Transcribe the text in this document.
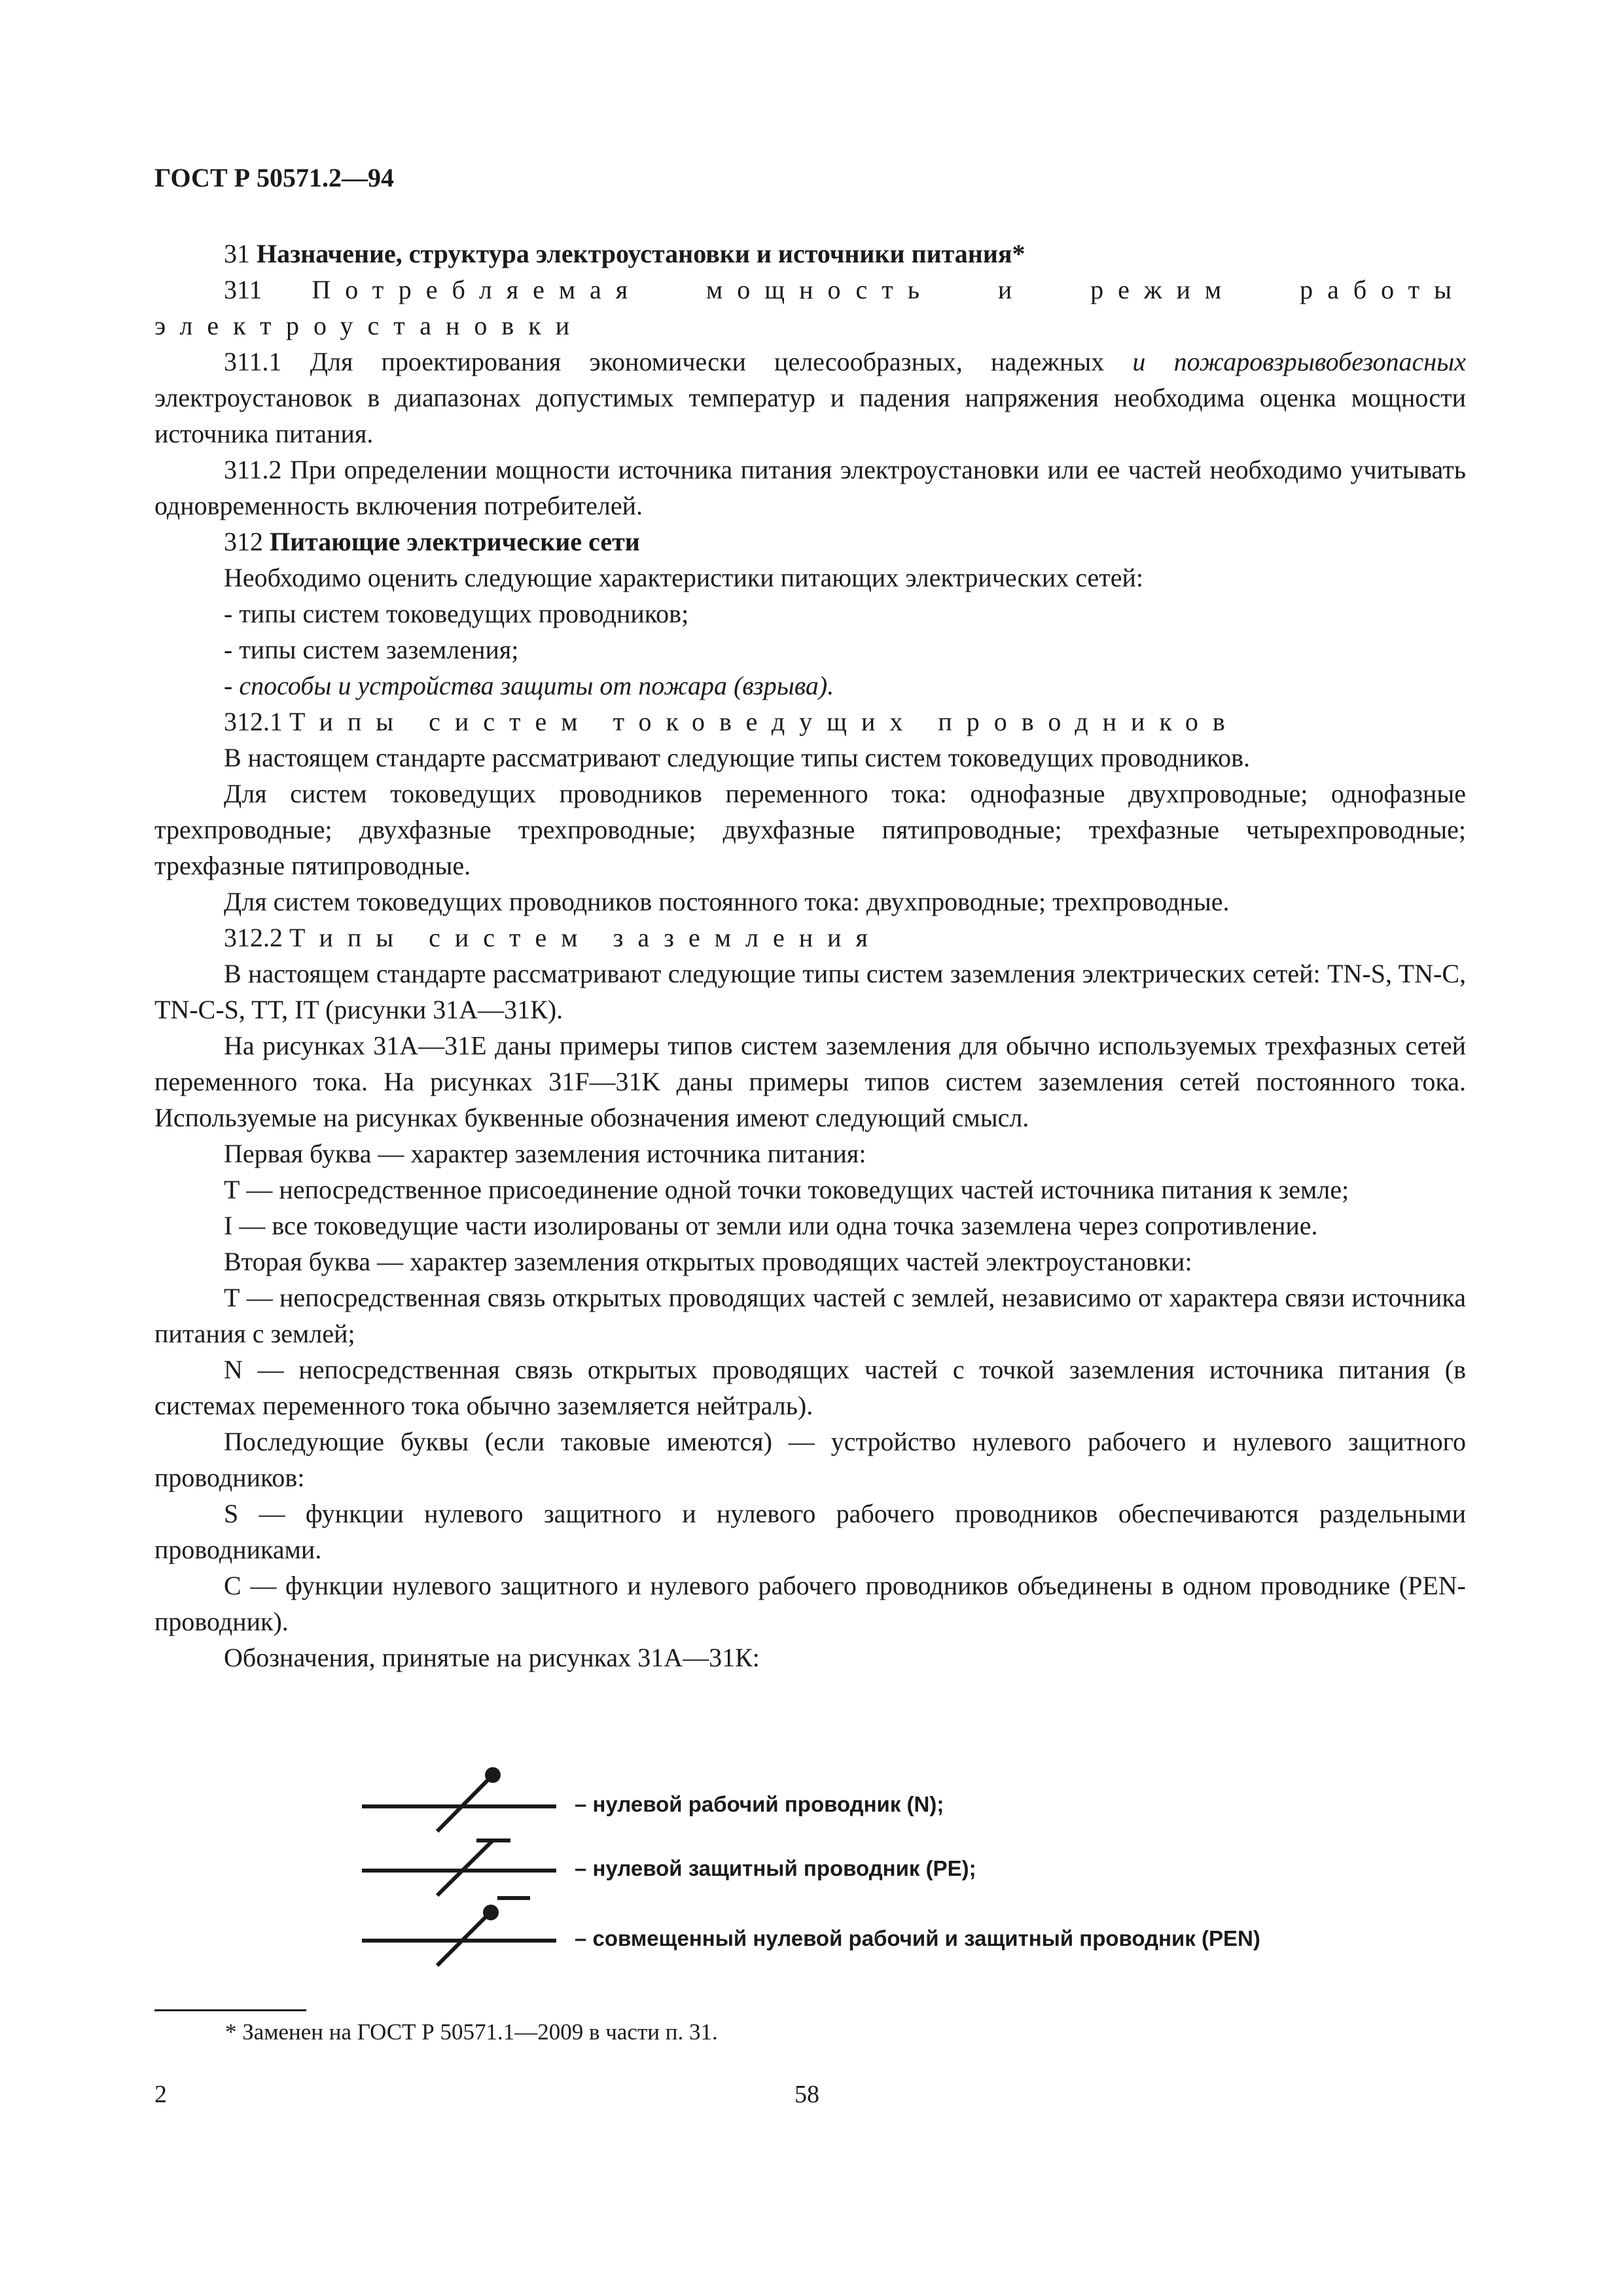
ГОСТ Р 50571.2—94

31 Назначение, структура электроустановки и источники питания*

311 Потребляемая мощность и режим работы электроустановки

311.1 Для проектирования экономически целесообразных, надежных и пожаровзрывобезопасных электроустановок в диапазонах допустимых температур и падения напряжения необходима оценка мощности источника питания.

311.2 При определении мощности источника питания электроустановки или ее частей необходимо учитывать одновременность включения потребителей.

312 Питающие электрические сети

Необходимо оценить следующие характеристики питающих электрических сетей:

- типы систем токоведущих проводников;

- типы систем заземления;

- способы и устройства защиты от пожара (взрыва).

312.1 Типы систем токоведущих проводников

В настоящем стандарте рассматривают следующие типы систем токоведущих проводников.

Для систем токоведущих проводников переменного тока: однофазные двухпроводные; однофазные трехпроводные; двухфазные трехпроводные; двухфазные пятипроводные; трехфазные четырехпроводные; трехфазные пятипроводные.

Для систем токоведущих проводников постоянного тока: двухпроводные; трехпроводные.

312.2 Типы систем заземления

В настоящем стандарте рассматривают следующие типы систем заземления электрических сетей: TN-S, TN-C, TN-C-S, TT, IT (рисунки 31А—31К).

На рисунках 31А—31Е даны примеры типов систем заземления для обычно используемых трехфазных сетей переменного тока. На рисунках 31F—31K даны примеры типов систем заземления сетей постоянного тока. Используемые на рисунках буквенные обозначения имеют следующий смысл.

Первая буква — характер заземления источника питания:

Т — непосредственное присоединение одной точки токоведущих частей источника питания к земле;

I — все токоведущие части изолированы от земли или одна точка заземлена через сопротивление.

Вторая буква — характер заземления открытых проводящих частей электроустановки:

Т — непосредственная связь открытых проводящих частей с землей, независимо от характера связи источника питания с землей;

N — непосредственная связь открытых проводящих частей с точкой заземления источника питания (в системах переменного тока обычно заземляется нейтраль).

Последующие буквы (если таковые имеются) — устройство нулевого рабочего и нулевого защитного проводников:

S — функции нулевого защитного и нулевого рабочего проводников обеспечиваются раздельными проводниками.

С — функции нулевого защитного и нулевого рабочего проводников объединены в одном проводнике (PEN-проводник).

Обозначения, принятые на рисунках 31А—31К:

– нулевой рабочий проводник (N);
– нулевой защитный проводник (PE);
– совмещенный нулевой рабочий и защитный проводник (PEN)
* Заменен на ГОСТ Р 50571.1—2009 в части п. 31.
2	58
